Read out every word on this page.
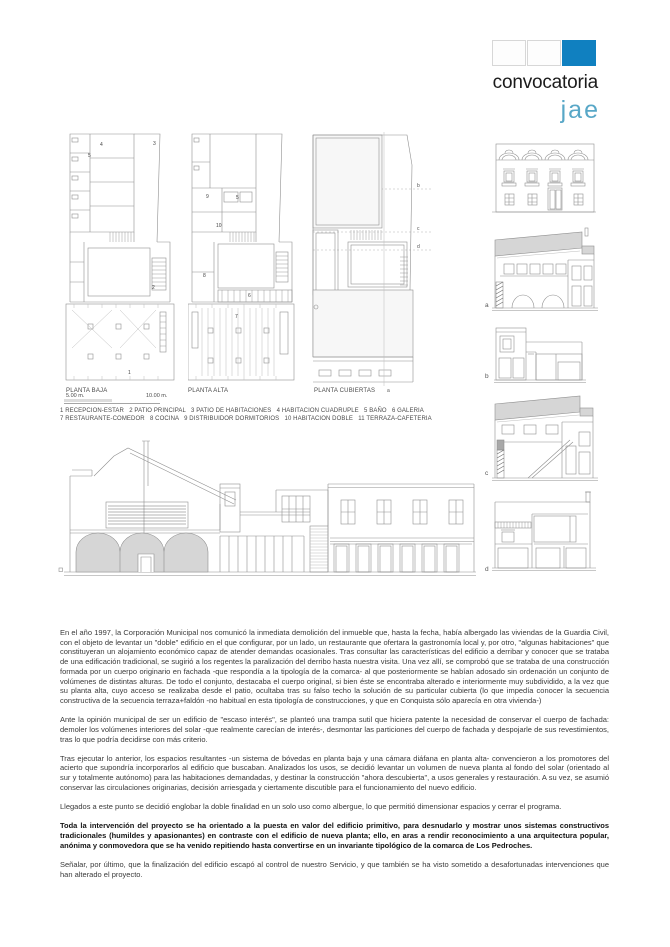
convocatoria
jae
1
2
3
4
5
9	5
10
8
6
7
b
c
d
a
a
b
c
d
PLANTA BAJA	PLANTA ALTA	PLANTA CUBIERTAS
5.00 m.	10.00 m.
1 RECEPCION-ESTAR   2 PATIO PRINCIPAL   3 PATIO DE HABITACIONES   4 HABITACION CUADRUPLE   5 BAÑO   6 GALERIA
7 RESTAURANTE-COMEDOR   8 COCINA   9 DISTRIBUIDOR DORMITORIOS   10 HABITACION DOBLE   11 TERRAZA-CAFETERIA

En el año 1997, la Corporación Municipal nos comunicó la inmediata demolición del inmueble que, hasta la fecha, había albergado las viviendas de la Guardia Civil, con el objeto de levantar un "doble" edificio en el que configurar, por un lado, un restaurante que ofertara la gastronomía local y, por otro, "algunas habitaciones" que constituyeran un alojamiento económico capaz de atender demandas ocasionales. Tras consultar las características del edificio a derribar y conocer que se trataba de una edificación tradicional, se sugirió a los regentes la paralización del derribo hasta nuestra visita. Una vez allí, se comprobó que se trataba de una construcción formada por un cuerpo originario en fachada -que respondía a la tipología de la comarca- al que posteriormente se habían adosado sin ordenación un conjunto de volúmenes de distintas alturas. De todo el conjunto, destacaba el cuerpo original, si bien éste se encontraba alterado e interiormente muy subdividido, a la vez que su planta alta, cuyo acceso se realizaba desde el patio, ocultaba tras su falso techo la solución de su particular cubierta (lo que impedía conocer la secuencia constructiva de la secuencia terraza+faldón -no habitual en esta tipología de construcciones, y que en Conquista sólo aparecía en otra vivienda-)

Ante la opinión municipal de ser un edificio de "escaso interés", se planteó una trampa sutil que hiciera patente la necesidad de conservar el cuerpo de fachada: demoler los volúmenes interiores del solar -que realmente carecían de interés-, desmontar las particiones del cuerpo de fachada y despojarle de sus revestimientos, tras lo que podría decidirse con más criterio.

Tras ejecutar lo anterior, los espacios resultantes -un sistema de bóvedas en planta baja y una cámara diáfana en planta alta- convencieron a los promotores del acierto que supondría incorporarlos al edificio que buscaban. Analizados los usos, se decidió levantar un volumen de nueva planta al fondo del solar (orientado al sur y totalmente autónomo) para las habitaciones demandadas, y destinar la construcción "ahora descubierta", a usos generales y restauración. A su vez, se asumió conservar las circulaciones originarias, decisión arriesgada y ciertamente discutible para el funcionamiento del nuevo edificio.

Llegados a este punto se decidió englobar la doble finalidad en un solo uso como albergue, lo que permitió dimensionar espacios y cerrar el programa.

Toda la intervención del proyecto se ha orientado a la puesta en valor del edificio primitivo, para desnudarlo y mostrar unos sistemas constructivos tradicionales (humildes y apasionantes) en contraste con el edificio de nueva planta; ello, en aras a rendir reconocimiento a una arquitectura popular, anónima y conmovedora que se ha venido repitiendo hasta convertirse en un invariante tipológico de la comarca de Los Pedroches.

Señalar, por último, que la finalización del edificio escapó al control de nuestro Servicio, y que también se ha visto sometido a desafortunadas intervenciones que han alterado el proyecto.
